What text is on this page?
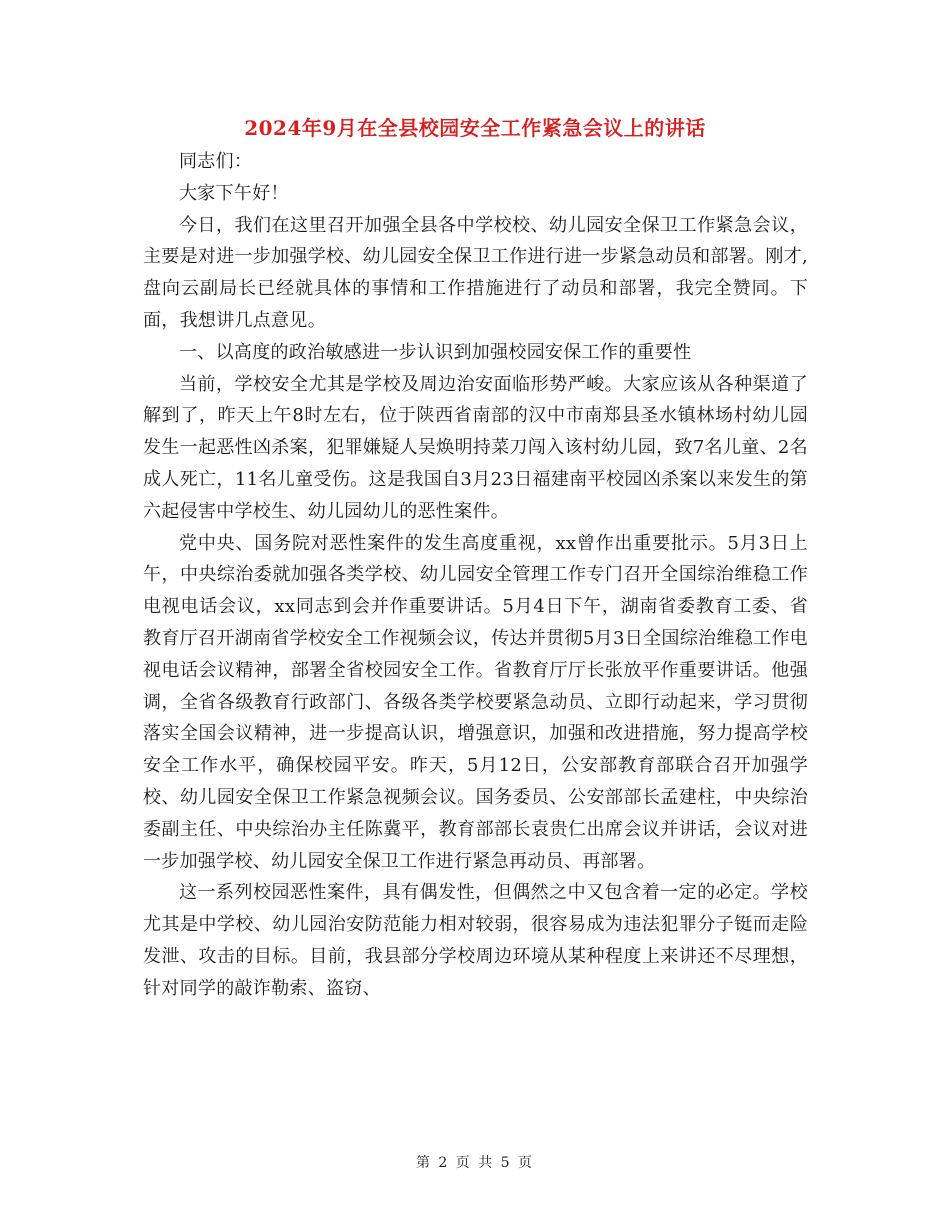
2024年9月在全县校园安全工作紧急会议上的讲话

同志们：

大家下午好！

今日，我们在这里召开加强全县各中学校校、幼儿园安全保卫工作紧急会议，主要是对进一步加强学校、幼儿园安全保卫工作进行进一步紧急动员和部署。刚才,盘向云副局长已经就具体的事情和工作措施进行了动员和部署，我完全赞同。下面，我想讲几点意见。

一、以高度的政治敏感进一步认识到加强校园安保工作的重要性

当前，学校安全尤其是学校及周边治安面临形势严峻。大家应该从各种渠道了解到了，昨天上午8时左右，位于陕西省南部的汉中市南郑县圣水镇林场村幼儿园发生一起恶性凶杀案，犯罪嫌疑人吴焕明持菜刀闯入该村幼儿园，致7名儿童、2名成人死亡，11名儿童受伤。这是我国自3月23日福建南平校园凶杀案以来发生的第六起侵害中学校生、幼儿园幼儿的恶性案件。

党中央、国务院对恶性案件的发生高度重视，xx曾作出重要批示。5月3日上午，中央综治委就加强各类学校、幼儿园安全管理工作专门召开全国综治维稳工作电视电话会议，xx同志到会并作重要讲话。5月4日下午，湖南省委教育工委、省教育厅召开湖南省学校安全工作视频会议，传达并贯彻5月3日全国综治维稳工作电视电话会议精神，部署全省校园安全工作。省教育厅厅长张放平作重要讲话。他强调，全省各级教育行政部门、各级各类学校要紧急动员、立即行动起来，学习贯彻落实全国会议精神，进一步提高认识，增强意识，加强和改进措施，努力提高学校安全工作水平，确保校园平安。昨天，5月12日，公安部教育部联合召开加强学校、幼儿园安全保卫工作紧急视频会议。国务委员、公安部部长孟建柱，中央综治委副主任、中央综治办主任陈冀平，教育部部长袁贵仁出席会议并讲话，会议对进一步加强学校、幼儿园安全保卫工作进行紧急再动员、再部署。

这一系列校园恶性案件，具有偶发性，但偶然之中又包含着一定的必定。学校尤其是中学校、幼儿园治安防范能力相对较弱，很容易成为违法犯罪分子铤而走险发泄、攻击的目标。目前，我县部分学校周边环境从某种程度上来讲还不尽理想，针对同学的敲诈勒索、盗窃、

第 2 页 共 5 页
